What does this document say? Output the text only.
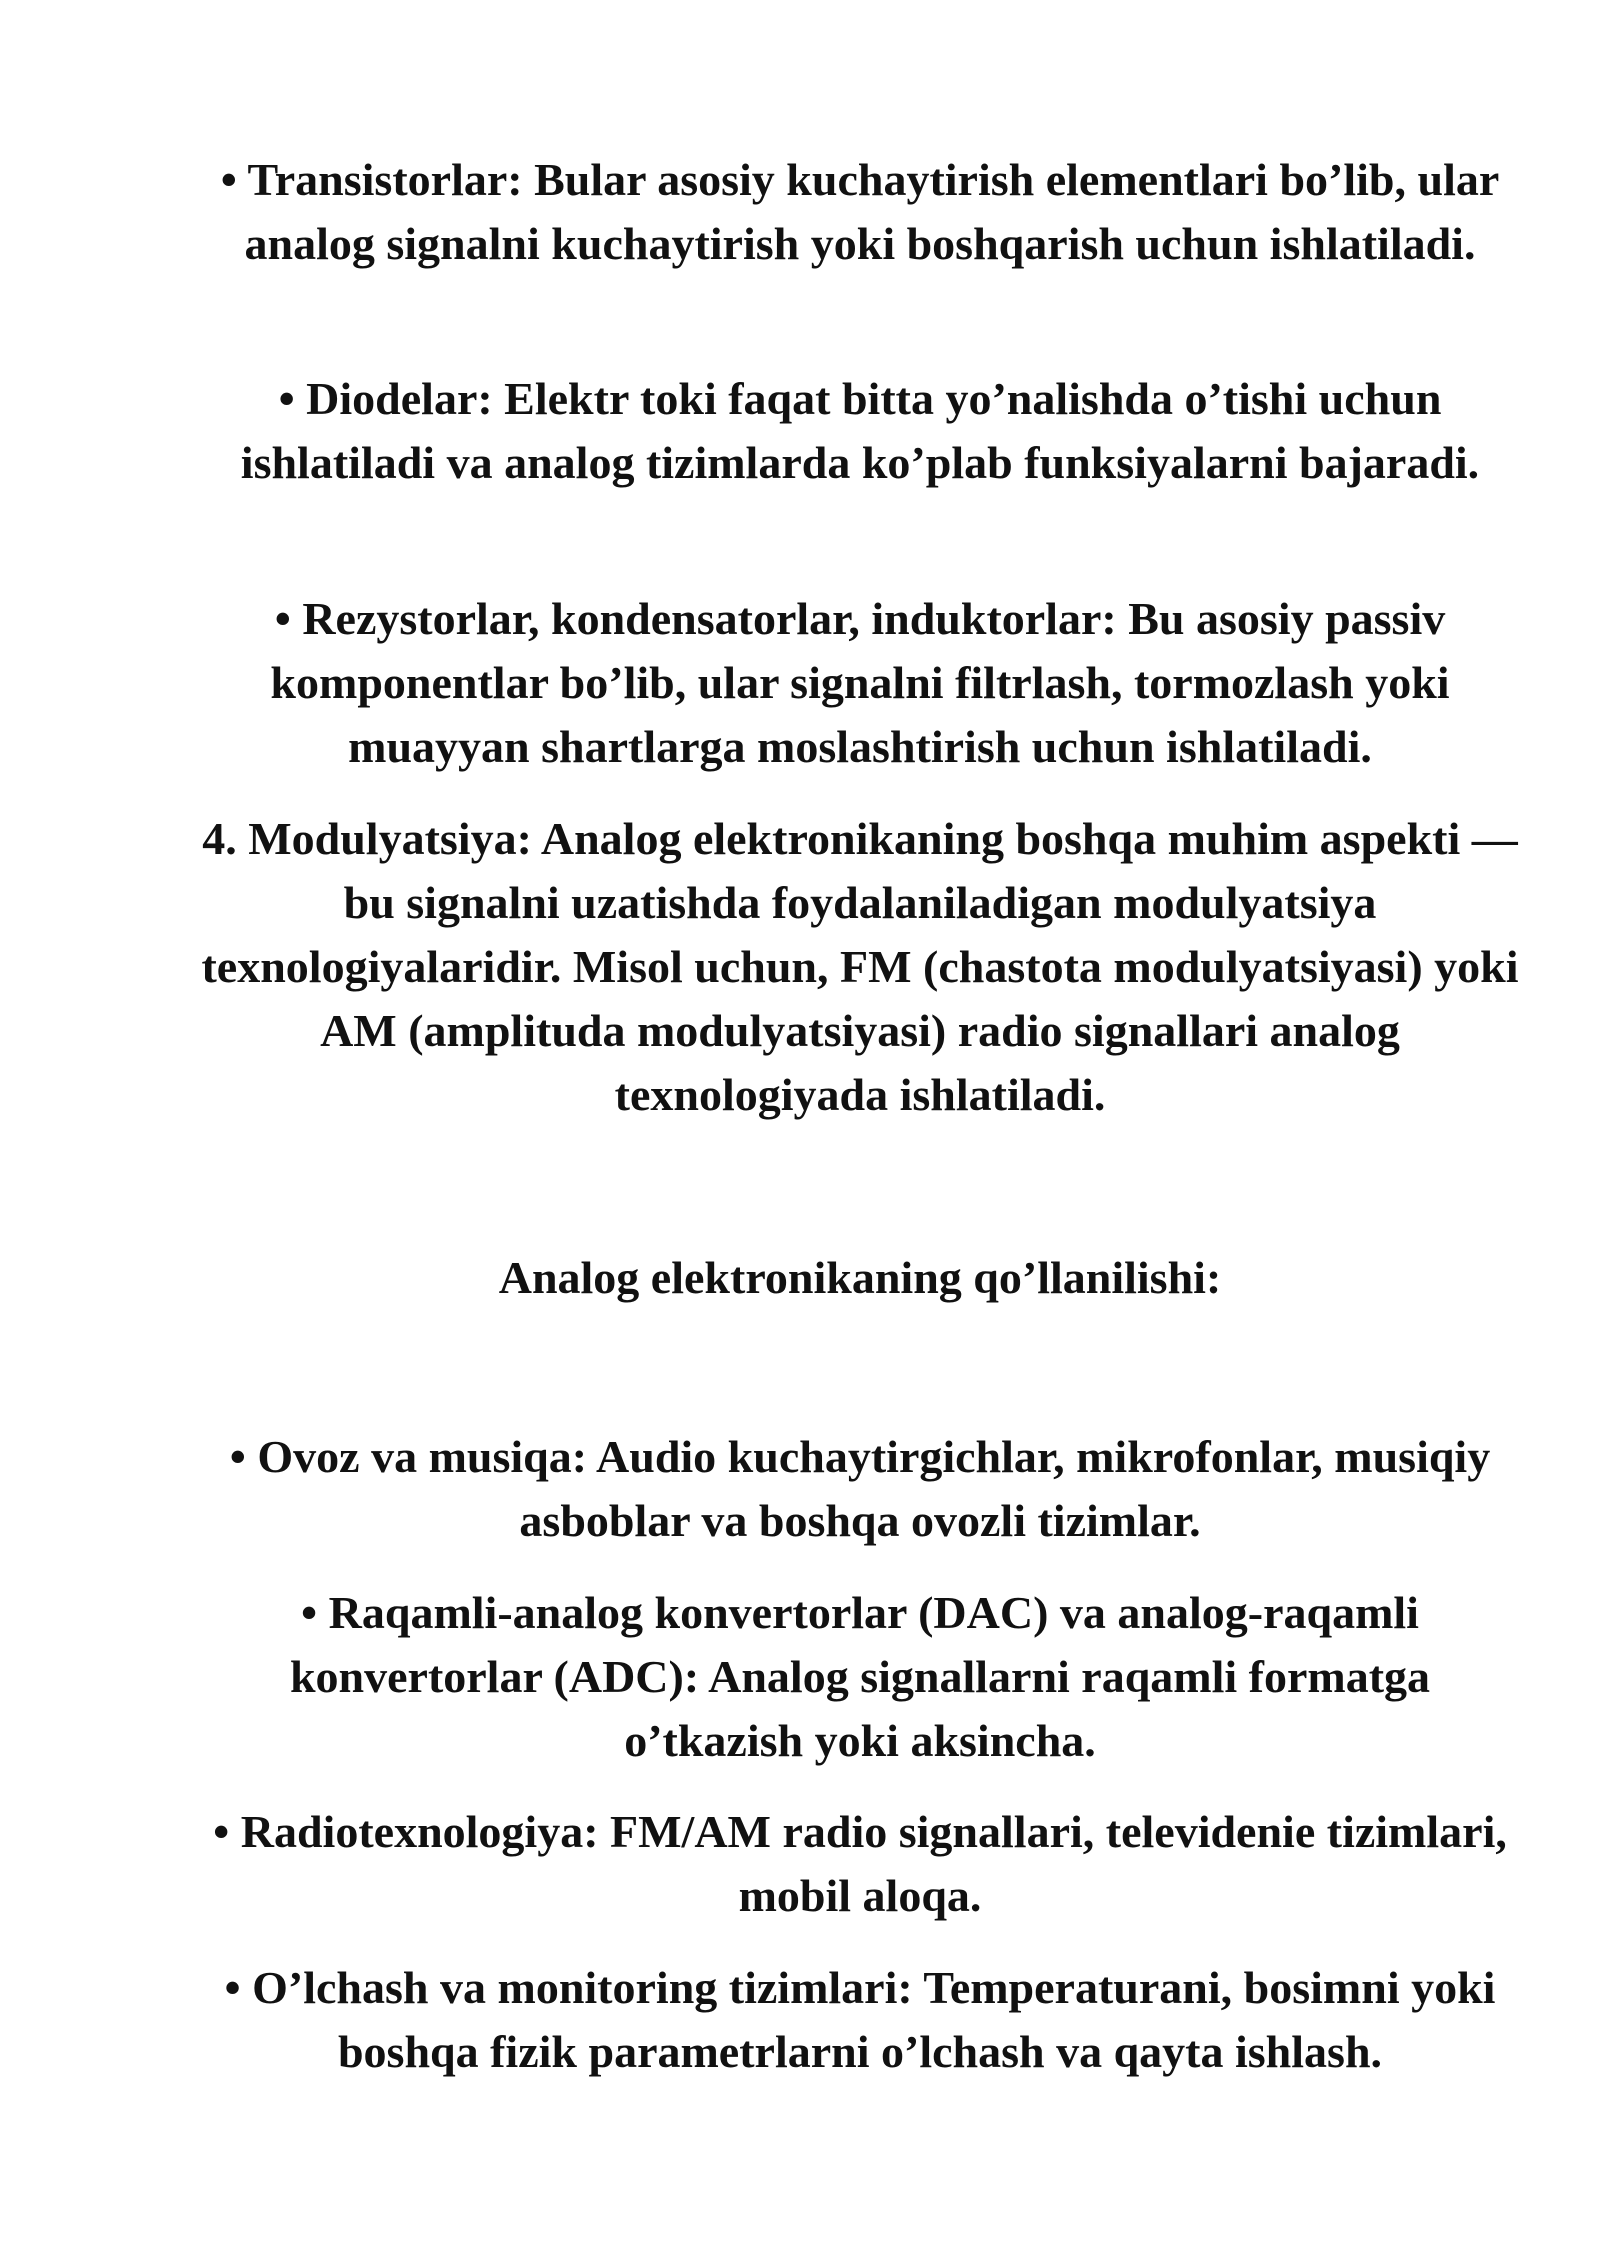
• Transistorlar: Bular asosiy kuchaytirish elementlari bo’lib, ular analog signalni kuchaytirish yoki boshqarish uchun ishlatiladi.

• Diodelar: Elektr toki faqat bitta yo’nalishda o’tishi uchun ishlatiladi va analog tizimlarda ko’plab funksiyalarni bajaradi.

• Rezystorlar, kondensatorlar, induktorlar: Bu asosiy passiv komponentlar bo’lib, ular signalni filtrlash, tormozlash yoki muayyan shartlarga moslashtirish uchun ishlatiladi.

4. Modulyatsiya: Analog elektronikaning boshqa muhim aspekti — bu signalni uzatishda foydalaniladigan modulyatsiya texnologiyalaridir. Misol uchun, FM (chastota modulyatsiyasi) yoki AM (amplituda modulyatsiyasi) radio signallari analog texnologiyada ishlatiladi.

Analog elektronikaning qo’llanilishi:

• Ovoz va musiqa: Audio kuchaytirgichlar, mikrofonlar, musiqiy asboblar va boshqa ovozli tizimlar.

• Raqamli-analog konvertorlar (DAC) va analog-raqamli konvertorlar (ADC): Analog signallarni raqamli formatga o’tkazish yoki aksincha.

• Radiotexnologiya: FM/AM radio signallari, televidenie tizimlari, mobil aloqa.

• O’lchash va monitoring tizimlari: Temperaturani, bosimni yoki boshqa fizik parametrlarni o’lchash va qayta ishlash.
